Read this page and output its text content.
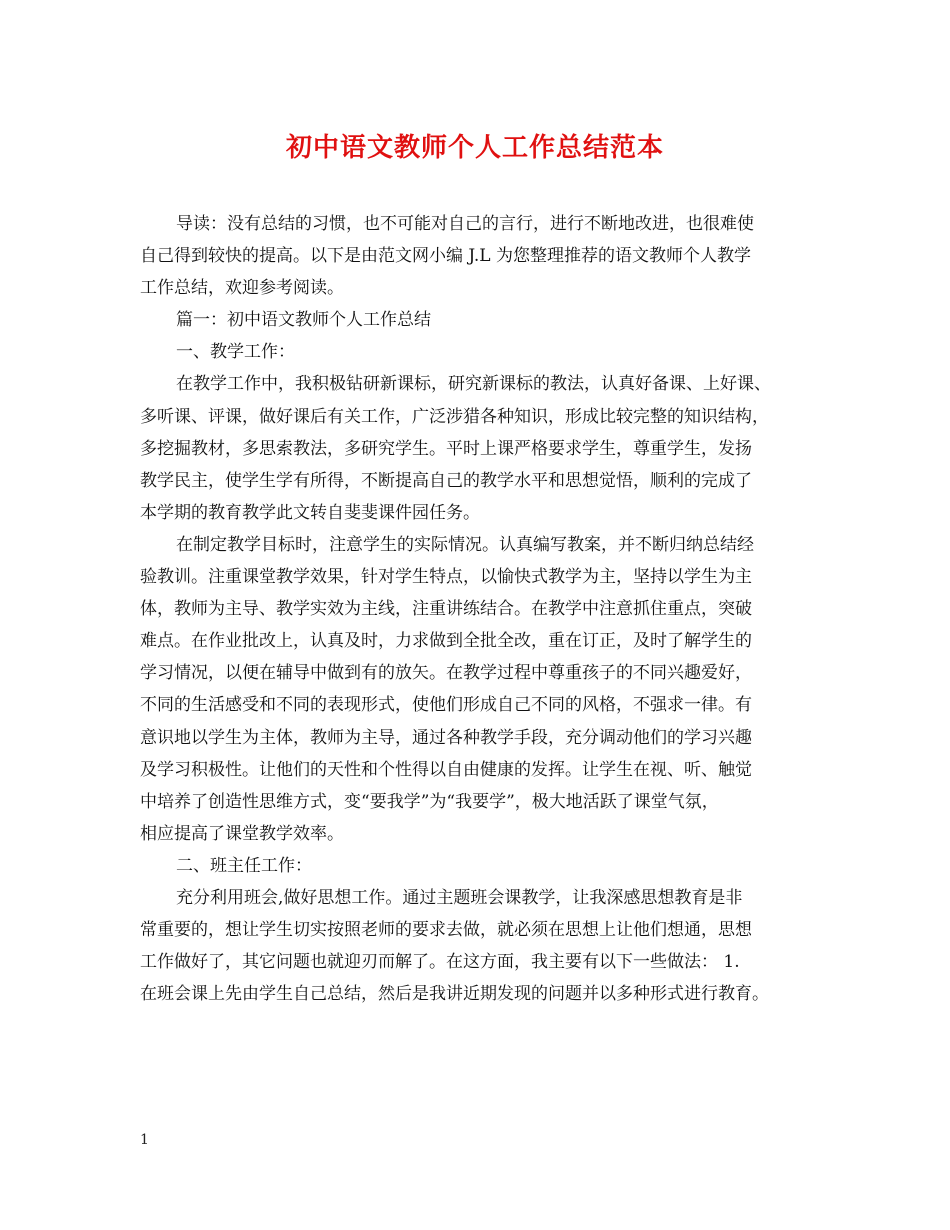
初中语文教师个人工作总结范本
导读：没有总结的习惯，也不可能对自己的言行，进行不断地改进，也很难使
自己得到较快的提高。以下是由范文网小编 J.L 为您整理推荐的语文教师个人教学
工作总结，欢迎参考阅读。
篇一：初中语文教师个人工作总结
一、教学工作：
在教学工作中，我积极钻研新课标，研究新课标的教法，认真好备课、上好课、
多听课、评课，做好课后有关工作，广泛涉猎各种知识，形成比较完整的知识结构，
多挖掘教材，多思索教法，多研究学生。平时上课严格要求学生，尊重学生，发扬
教学民主，使学生学有所得，不断提高自己的教学水平和思想觉悟，顺利的完成了
本学期的教育教学此文转自斐斐课件园任务。
在制定教学目标时，注意学生的实际情况。认真编写教案，并不断归纳总结经
验教训。注重课堂教学效果，针对学生特点，以愉快式教学为主，坚持以学生为主
体，教师为主导、教学实效为主线，注重讲练结合。在教学中注意抓住重点，突破
难点。在作业批改上，认真及时，力求做到全批全改，重在订正，及时了解学生的
学习情况，以便在辅导中做到有的放矢。在教学过程中尊重孩子的不同兴趣爱好，
不同的生活感受和不同的表现形式，使他们形成自己不同的风格，不强求一律。有
意识地以学生为主体，教师为主导，通过各种教学手段，充分调动他们的学习兴趣
及学习积极性。让他们的天性和个性得以自由健康的发挥。让学生在视、听、触觉
中培养了创造性思维方式，变“要我学”为“我要学”，极大地活跃了课堂气氛，
相应提高了课堂教学效率。
二、班主任工作：
充分利用班会,做好思想工作。通过主题班会课教学，让我深感思想教育是非
常重要的，想让学生切实按照老师的要求去做，就必须在思想上让他们想通，思想
工作做好了，其它问题也就迎刃而解了。在这方面，我主要有以下一些做法： 1.
在班会课上先由学生自己总结，然后是我讲近期发现的问题并以多种形式进行教育。
1
